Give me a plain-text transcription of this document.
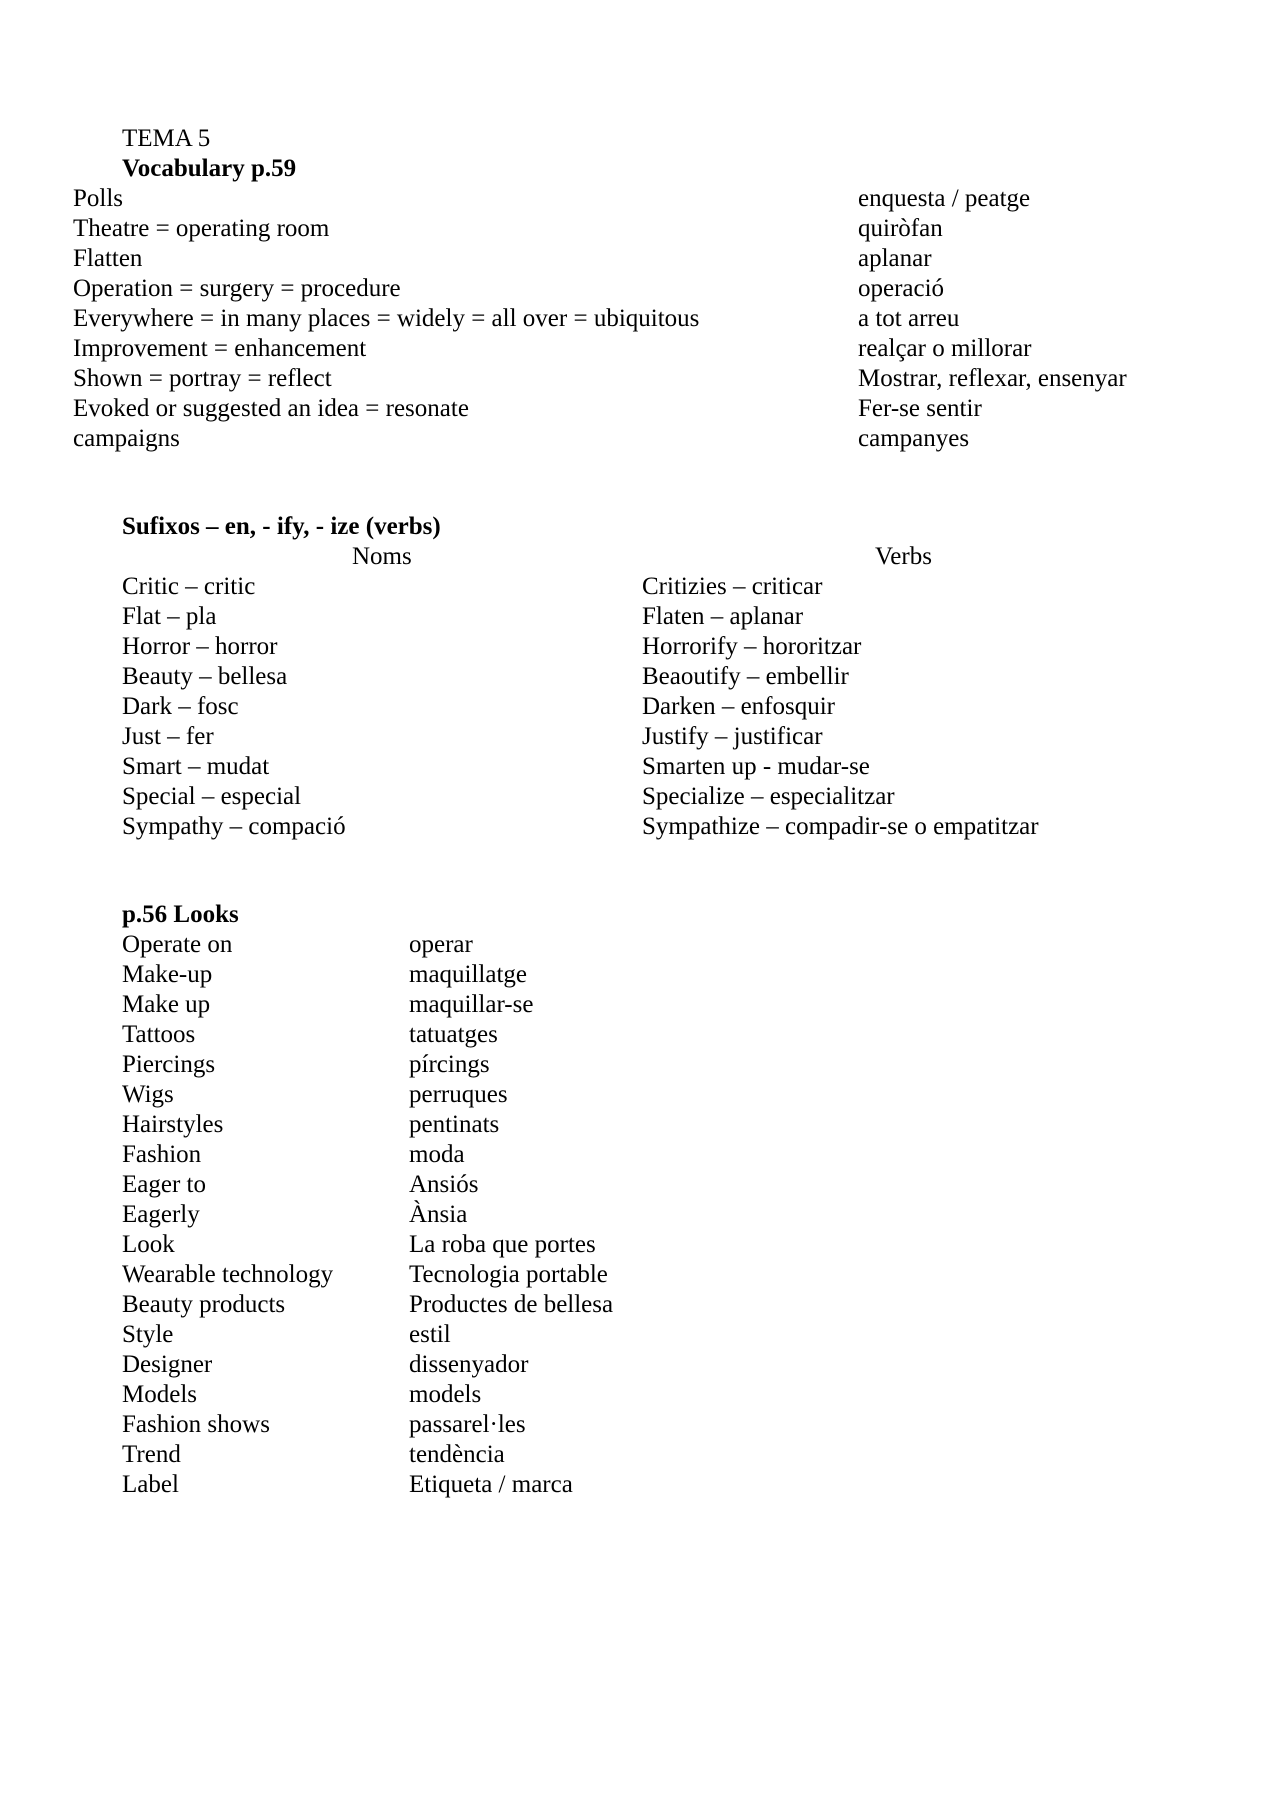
TEMA 5
Vocabulary p.59
Polls
Theatre = operating room
Flatten
Operation = surgery = procedure
Everywhere = in many places = widely = all over = ubiquitous
Improvement = enhancement
Shown = portray = reflect
Evoked or suggested an idea = resonate
campaigns
enquesta / peatge
quiròfan
aplanar
operació
a tot arreu
realçar o millorar
Mostrar, reflexar, ensenyar
Fer-se sentir
campanyes
Sufixos – en, - ify, - ize (verbs)
Noms	Verbs
Critic – critic
Flat – pla
Horror – horror
Beauty – bellesa
Dark – fosc
Just – fer
Smart – mudat
Special – especial
Sympathy – compació
Critizies – criticar
Flaten – aplanar
Horrorify – hororitzar
Beaoutify – embellir
Darken – enfosquir
Justify – justificar
Smarten up - mudar-se
Specialize – especialitzar
Sympathize – compadir-se o empatitzar
p.56 Looks
Operate on
Make-up
Make up
Tattoos
Piercings
Wigs
Hairstyles
Fashion
Eager to
Eagerly
Look
Wearable technology
Beauty products
Style
Designer
Models
Fashion shows
Trend
Label
operar
maquillatge
maquillar-se
tatuatges
pírcings
perruques
pentinats
moda
Ansiós
Ànsia
La roba que portes
Tecnologia portable
Productes de bellesa
estil
dissenyador
models
passarel·les
tendència
Etiqueta / marca
